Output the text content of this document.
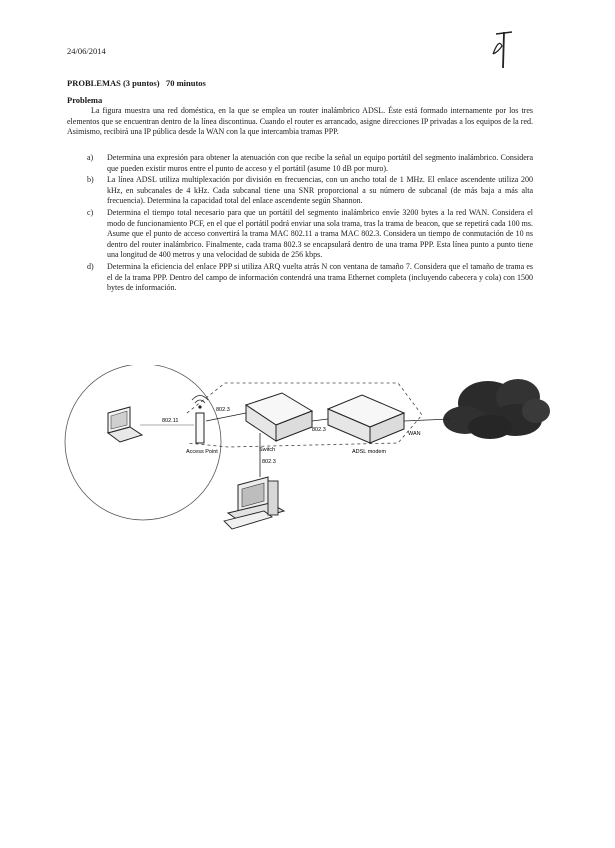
24/06/2014
PROBLEMAS (3 puntos)   70 minutos
Problema
La figura muestra una red doméstica, en la que se emplea un router inalámbrico ADSL. Éste está formado internamente por los tres elementos que se encuentran dentro de la línea discontinua. Cuando el router es arrancado, asigne direcciones IP privadas a los equipos de la red. Asimismo, recibirá una IP pública desde la WAN con la que intercambia tramas PPP.
a) Determina una expresión para obtener la atenuación con que recibe la señal un equipo portátil del segmento inalámbrico. Considera que pueden existir muros entre el punto de acceso y el portátil (asume 10 dB por muro).
b) La línea ADSL utiliza multiplexación por división en frecuencias, con un ancho total de 1 MHz. El enlace ascendente utiliza 200 kHz, en subcanales de 4 kHz. Cada subcanal tiene una SNR proporcional a su número de subcanal (de más baja a más alta frecuencia). Determina la capacidad total del enlace ascendente según Shannon.
c) Determina el tiempo total necesario para que un portátil del segmento inalámbrico envíe 3200 bytes a la red WAN. Considera el modo de funcionamiento PCF, en el que el portátil podrá enviar una sola trama, tras la trama de beacon, que se repetirá cada 100 ms. Asume que el punto de acceso convertirá la trama MAC 802.11 a trama MAC 802.3. Considera un tiempo de conmutación de 10 ns dentro del router inalámbrico. Finalmente, cada trama 802.3 se encapsulará dentro de una trama PPP. Esta línea punto a punto tiene una longitud de 400 metros y una velocidad de subida de 256 kbps.
d) Determina la eficiencia del enlace PPP si utiliza ARQ vuelta atrás N con ventana de tamaño 7. Considera que el tamaño de trama es el de la trama PPP. Dentro del campo de información contendrá una trama Ethernet completa (incluyendo cabecera y cola) con 1500 bytes de información.
802.11
802.3
802.3
802.3
WAN
Access Point	Switch	ADSL modem
